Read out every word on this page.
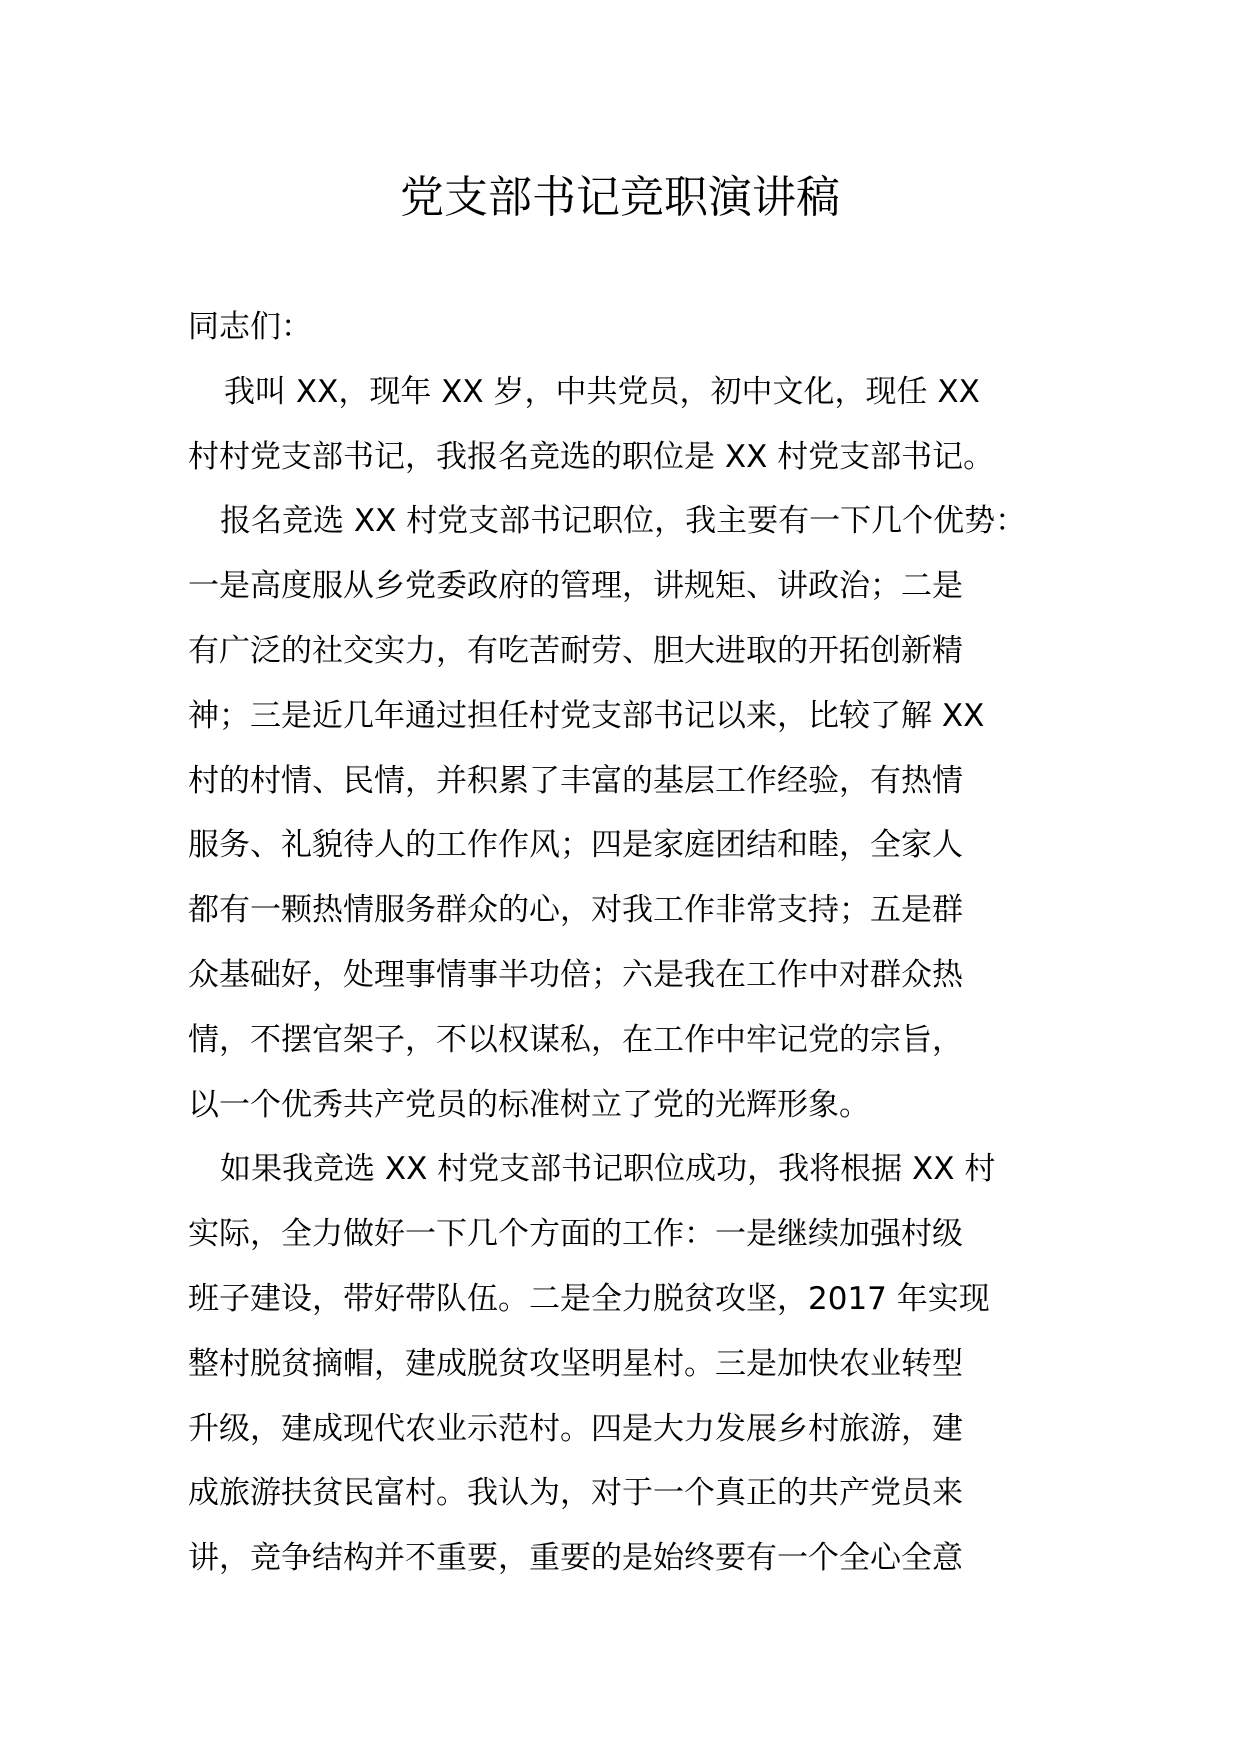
党支部书记竞职演讲稿
同志们：
我叫 XX，现年 XX 岁，中共党员，初中文化，现任 XX
村村党支部书记，我报名竞选的职位是 XX 村党支部书记。
报名竞选 XX 村党支部书记职位，我主要有一下几个优势：
一是高度服从乡党委政府的管理，讲规矩、讲政治；二是
有广泛的社交实力，有吃苦耐劳、胆大进取的开拓创新精
神；三是近几年通过担任村党支部书记以来，比较了解 XX
村的村情、民情，并积累了丰富的基层工作经验，有热情
服务、礼貌待人的工作作风；四是家庭团结和睦，全家人
都有一颗热情服务群众的心，对我工作非常支持；五是群
众基础好，处理事情事半功倍；六是我在工作中对群众热
情，不摆官架子，不以权谋私，在工作中牢记党的宗旨，
以一个优秀共产党员的标准树立了党的光辉形象。
如果我竞选 XX 村党支部书记职位成功，我将根据 XX 村
实际，全力做好一下几个方面的工作：一是继续加强村级
班子建设，带好带队伍。二是全力脱贫攻坚，2017 年实现
整村脱贫摘帽，建成脱贫攻坚明星村。三是加快农业转型
升级，建成现代农业示范村。四是大力发展乡村旅游，建
成旅游扶贫民富村。我认为，对于一个真正的共产党员来
讲，竞争结构并不重要，重要的是始终要有一个全心全意
